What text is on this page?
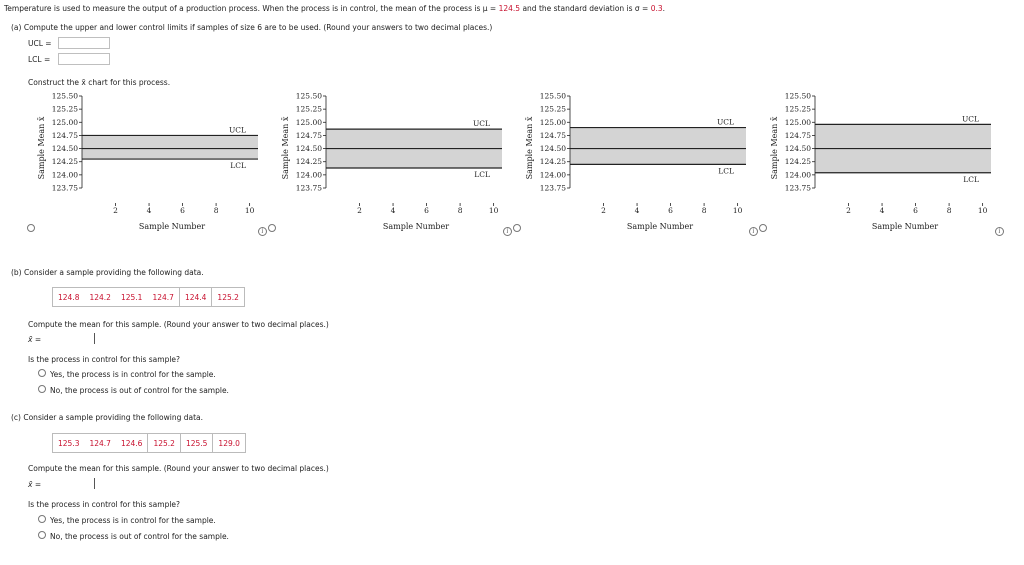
Temperature is used to measure the output of a production process. When the process is in control, the mean of the process is μ = 124.5 and the standard deviation is σ = 0.3.
(a) Compute the upper and lower control limits if samples of size 6 are to be used. (Round your answers to two decimal places.)
UCL =
LCL =
Construct the x̄ chart for this process.
UCL
LCL
125.50
125.25
125.00
124.75
124.50
124.25
124.00
123.75
2	4	6	8	10
Sample Number
Sample Mean x̄	UCL
LCL
125.50
125.25
125.00
124.75
124.50
124.25
124.00
123.75
2	4	6	8	10
Sample Number
Sample Mean x̄	UCL
LCL
125.50
125.25
125.00
124.75
124.50
124.25
124.00
123.75
2	4	6	8	10
Sample Number
Sample Mean x̄	UCL
LCL
125.50
125.25
125.00
124.75
124.50
124.25
124.00
123.75
2	4	6	8	10
Sample Number
Sample Mean x̄
i	i	i	i
(b) Consider a sample providing the following data.
124.8	124.2	125.1	124.7	124.4	125.2
Compute the mean for this sample. (Round your answer to two decimal places.)
x̄ =
Is the process in control for this sample?
Yes, the process is in control for the sample.
No, the process is out of control for the sample.
(c) Consider a sample providing the following data.
125.3	124.7	124.6	125.2	125.5	129.0
Compute the mean for this sample. (Round your answer to two decimal places.)
x̄ =
Is the process in control for this sample?
Yes, the process is in control for the sample.
No, the process is out of control for the sample.
